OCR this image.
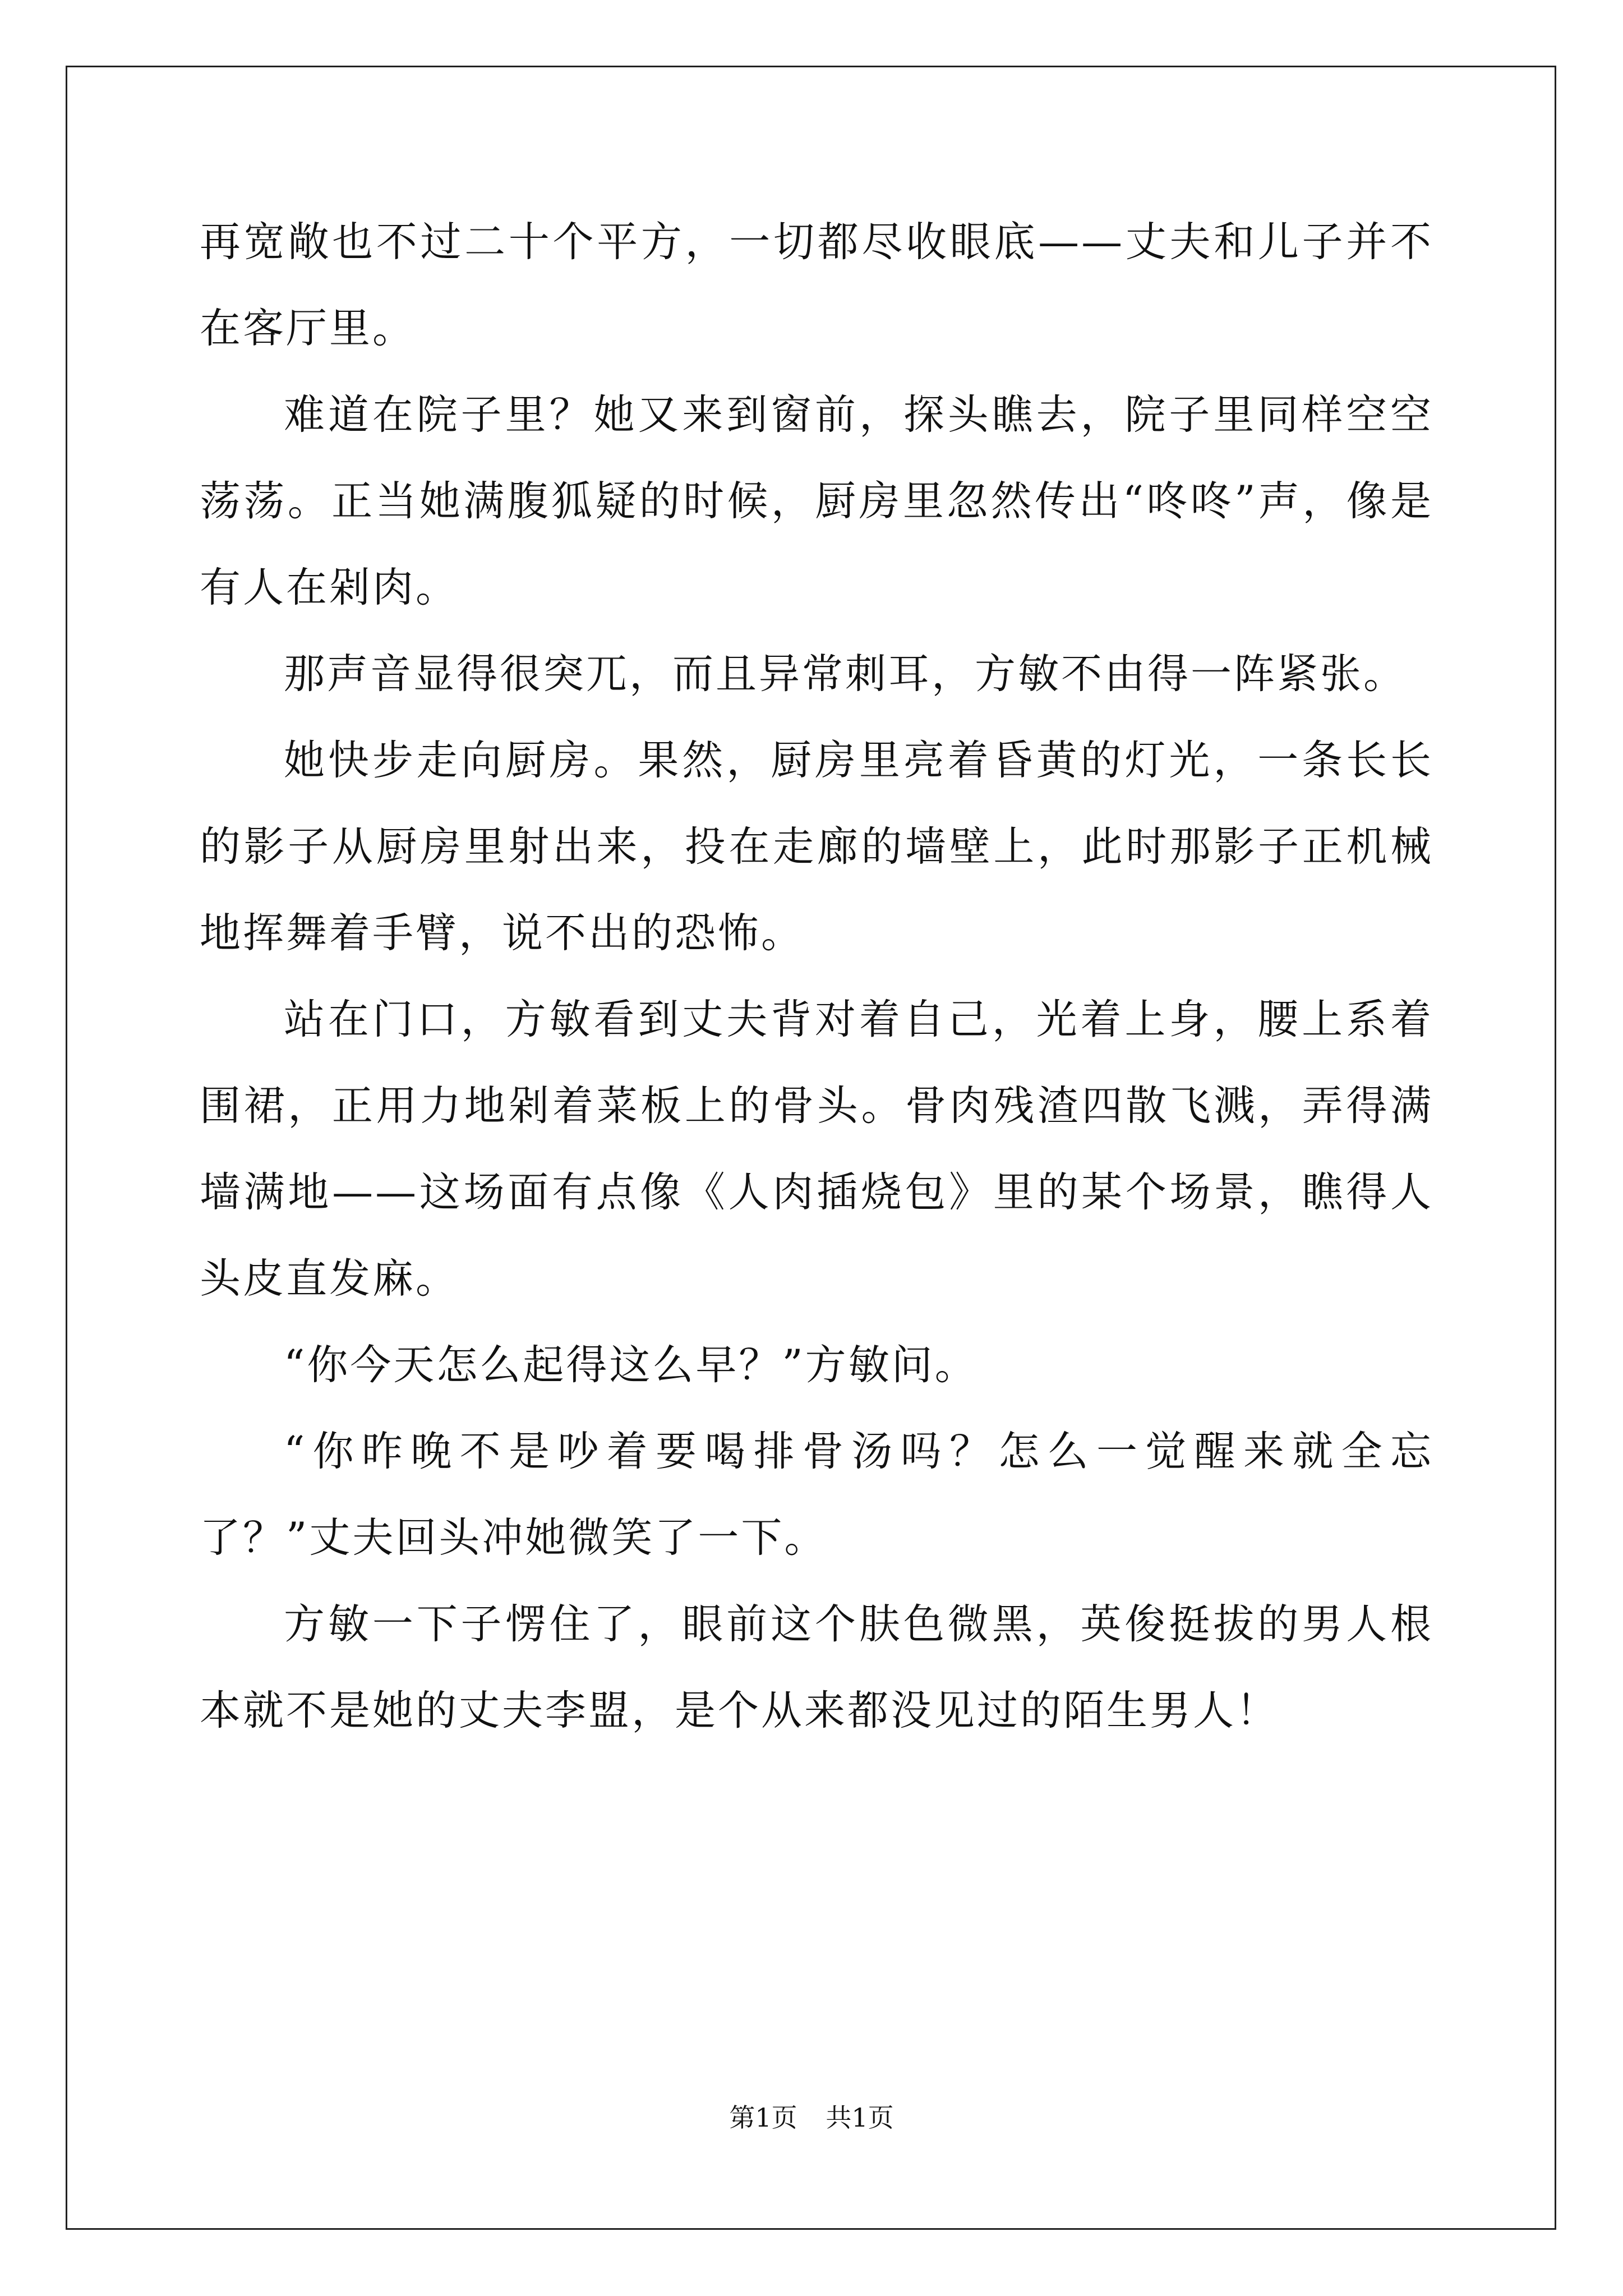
再宽敞也不过二十个平方，一切都尽收眼底——丈夫和儿子并不在客厅里。

难道在院子里？她又来到窗前，探头瞧去，院子里同样空空荡荡。正当她满腹狐疑的时候，厨房里忽然传出“咚咚”声，像是有人在剁肉。

那声音显得很突兀，而且异常刺耳，方敏不由得一阵紧张。

她快步走向厨房。果然，厨房里亮着昏黄的灯光，一条长长的影子从厨房里射出来，投在走廊的墙壁上，此时那影子正机械地挥舞着手臂，说不出的恐怖。

站在门口，方敏看到丈夫背对着自己，光着上身，腰上系着围裙，正用力地剁着菜板上的骨头。骨肉残渣四散飞溅，弄得满墙满地——这场面有点像《人肉插烧包》里的某个场景，瞧得人头皮直发麻。

“你今天怎么起得这么早？”方敏问。

“你昨晚不是吵着要喝排骨汤吗？怎么一觉醒来就全忘了？”丈夫回头冲她微笑了一下。

方敏一下子愣住了，眼前这个肤色微黑，英俊挺拔的男人根本就不是她的丈夫李盟，是个从来都没见过的陌生男人！

第1页 共1页
